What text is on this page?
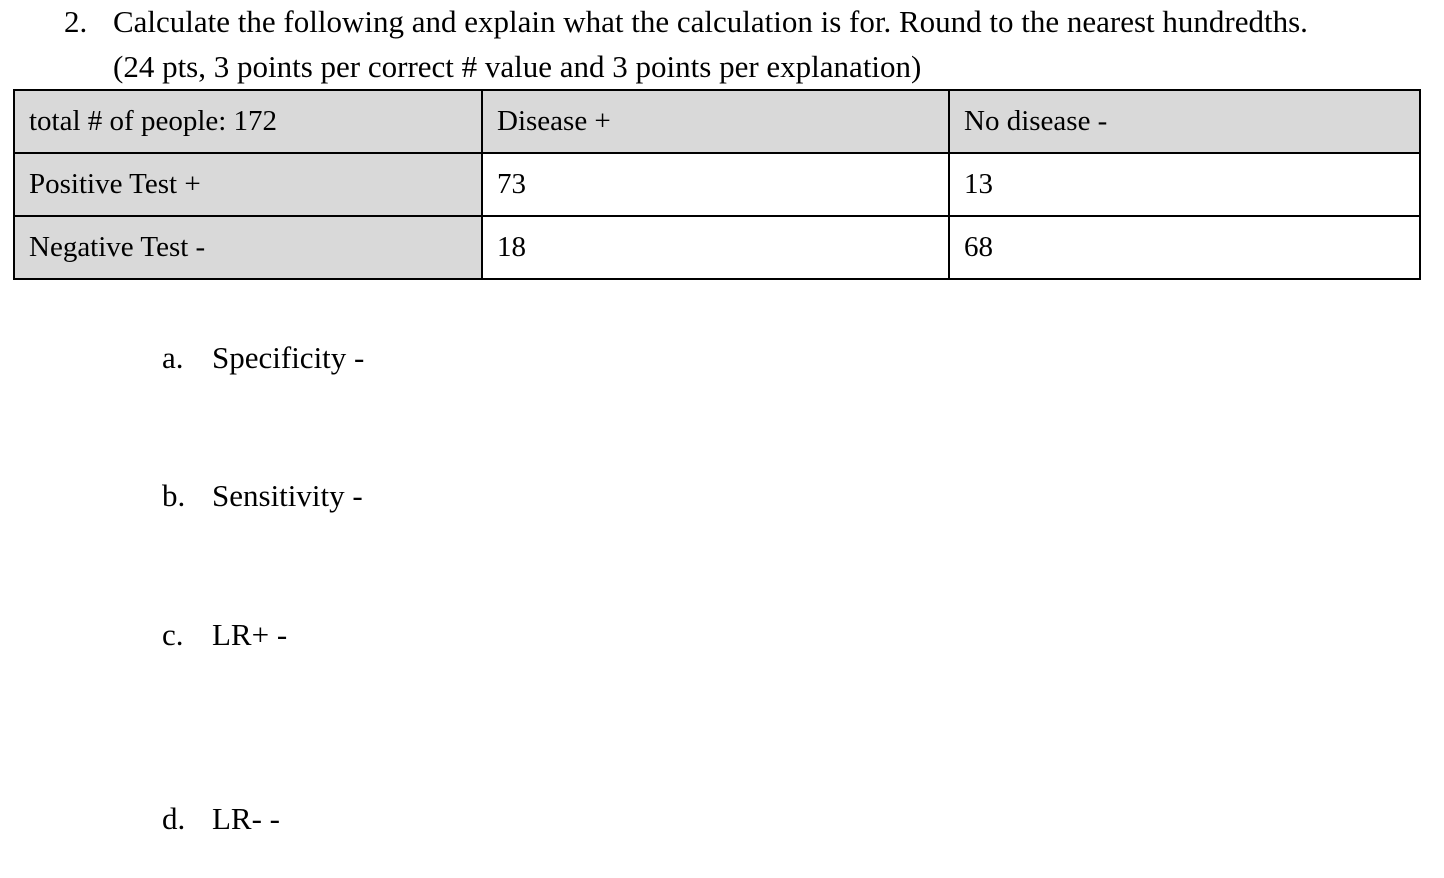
2. Calculate the following and explain what the calculation is for. Round to the nearest hundredths.
(24 pts, 3 points per correct # value and 3 points per explanation)
total # of people: 172	Disease +	No disease -
Positive Test +	73	13
Negative Test -	18	68
a. Specificity -
b. Sensitivity -
c. LR+ -
d. LR- -
